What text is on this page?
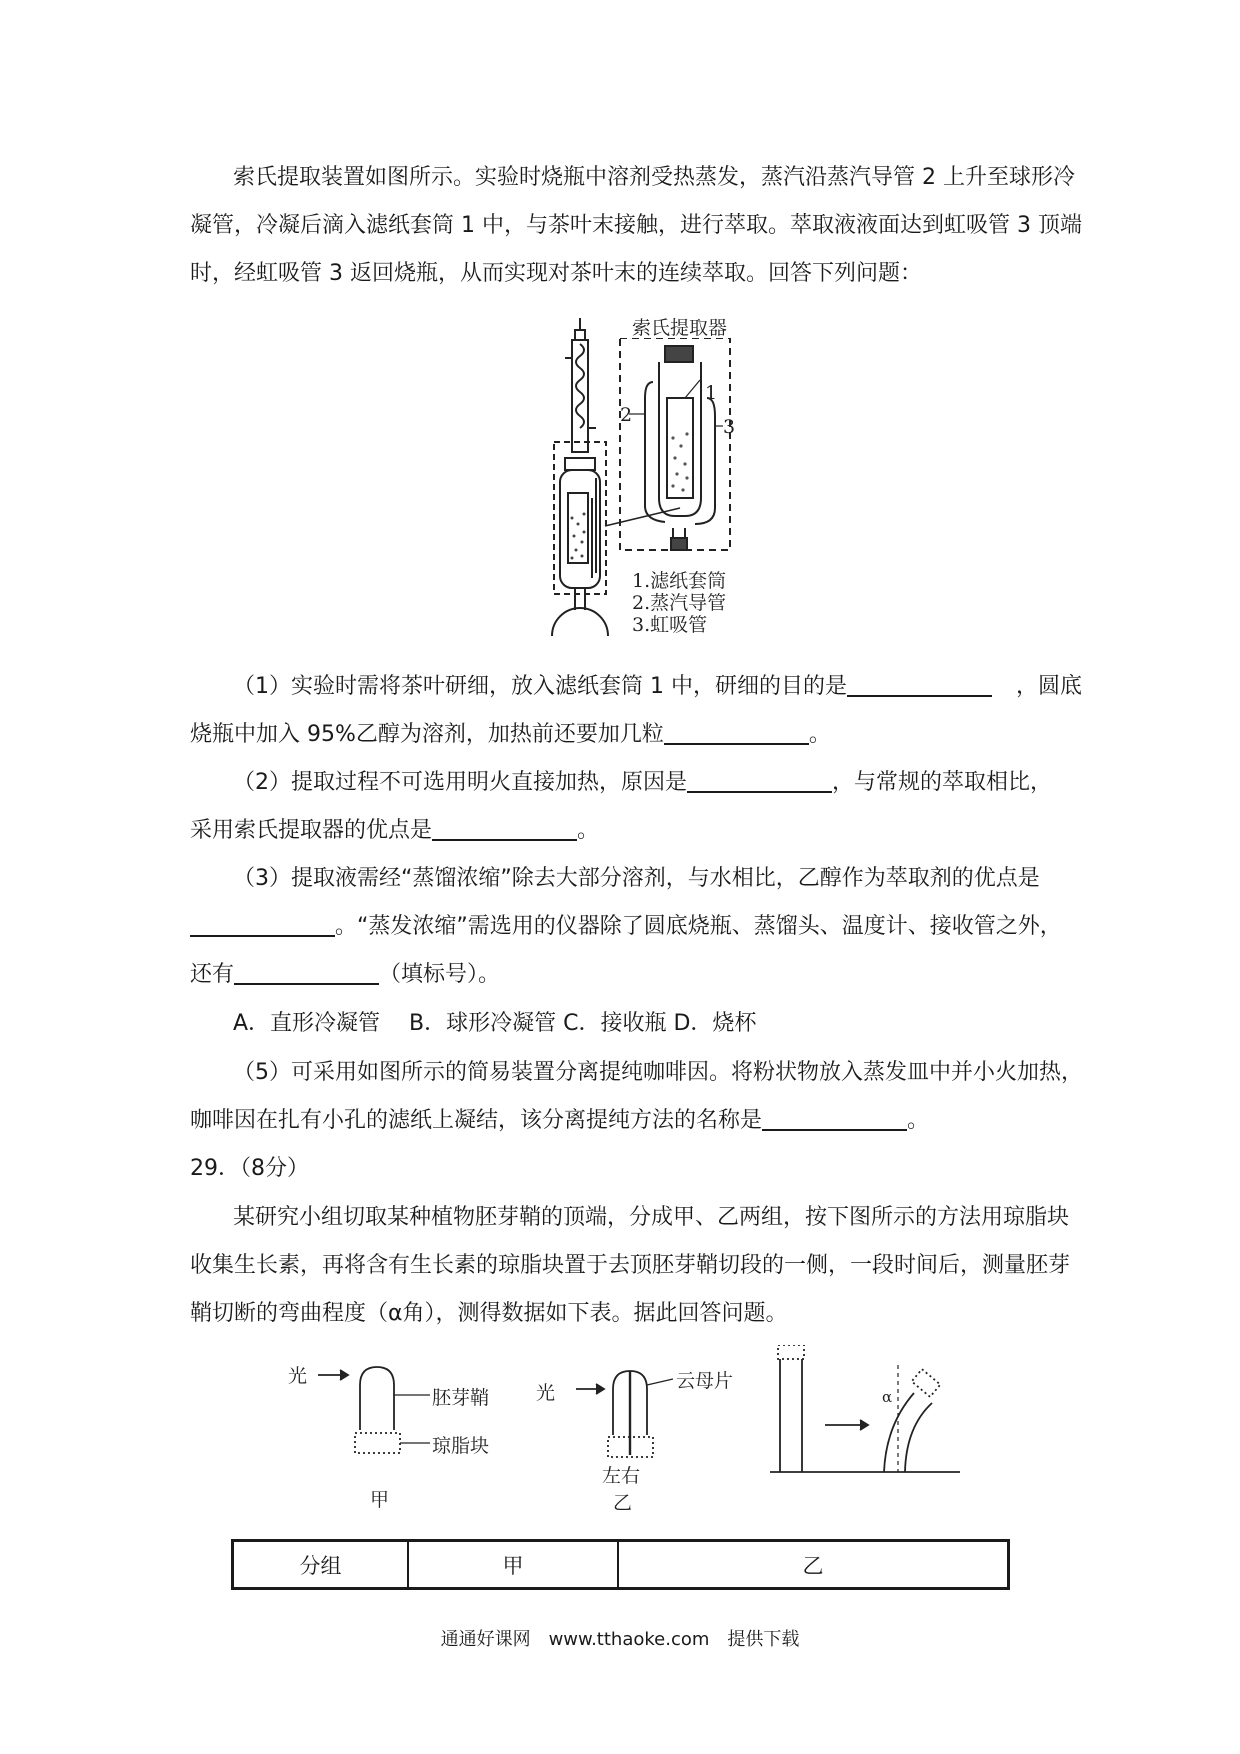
索氏提取装置如图所示。实验时烧瓶中溶剂受热蒸发，蒸汽沿蒸汽导管 2 上升至球形冷
凝管，冷凝后滴入滤纸套筒 1 中，与茶叶末接触，进行萃取。萃取液液面达到虹吸管 3 顶端
时，经虹吸管 3 返回烧瓶，从而实现对茶叶末的连续萃取。回答下列问题：
索氏提取器
1
2
3
1.滤纸套筒
2.蒸汽导管
3.虹吸管
（1）实验时需将茶叶研细，放入滤纸套筒 1 中，研细的目的是	，圆底
烧瓶中加入 95%乙醇为溶剂，加热前还要加几粒	。
（2）提取过程不可选用明火直接加热，原因是	，与常规的萃取相比，
采用索氏提取器的优点是	。
（3）提取液需经“蒸馏浓缩”除去大部分溶剂，与水相比，乙醇作为萃取剂的优点是
。“蒸发浓缩”需选用的仪器除了圆底烧瓶、蒸馏头、温度计、接收管之外，
还有	（填标号）。
A．直形冷凝管　 B．球形冷凝管 C．接收瓶 D．烧杯
（5）可采用如图所示的简易装置分离提纯咖啡因。将粉状物放入蒸发皿中并小火加热，
咖啡因在扎有小孔的滤纸上凝结，该分离提纯方法的名称是	。
29．（8分）
某研究小组切取某种植物胚芽鞘的顶端，分成甲、乙两组，按下图所示的方法用琼脂块
收集生长素，再将含有生长素的琼脂块置于去顶胚芽鞘切段的一侧，一段时间后，测量胚芽
鞘切断的弯曲程度（α角），测得数据如下表。据此回答问题。
光
胚芽鞘
琼脂块
甲
光
云母片
左右
乙
α
分组	甲	乙
通通好课网　www.tthaoke.com　提供下载
